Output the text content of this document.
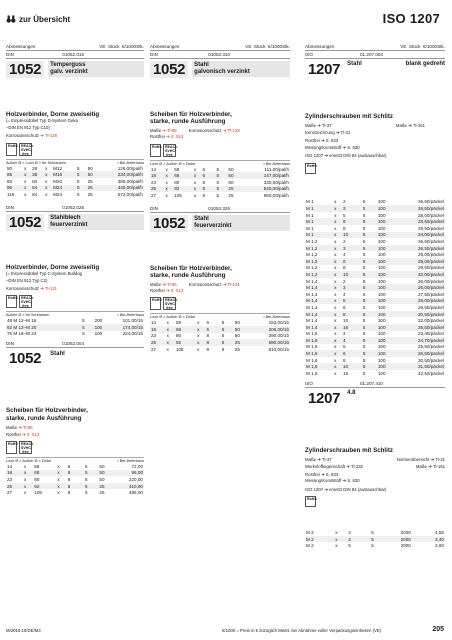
zur Übersicht	ISO 1207
Abmessungen	VE Stück €/1000Stk.
DIN	01052.016
1052	Temperguss
galv. verzinkt
Holzverbinder, Dorne zweiseitig
(= Einpressdübel Typ D-System Geka
–DIN EN 912 Typ C10)
Korrosionsschutz ➔ Tl-128
RoHS REACh
SVHC
free
Außen Ø × Loch Ø × für Schrauben	• Bei-/lieferhaus
50	x	29	x	M12	5	50	126,00/pal/h
65	x	35	x	M16	5	50	234,00/pal/h
80	x	50	x	M20	5	25	385,00/pal/h
95	x	64	x	M24	5	25	445,00/pal/h
115	x	84	x	M24	5	25	572,00/pal/h
DIN	01052.025
1052	Stahlblech
feuerverzinkt
Holzverbinder, Dorne zweiseitig
(= Einpressdübel Typ C-System Bulldog
–DIN EN 912 Typ C2)
Korrosionsschutz ➔ Tl-131
RoHS REACh
SVHC
free
Außen Ø × für Schrauben	• Bei-/lieferhaus
48 M 12–M 16					5	200	101,00/1b
62 M 12–M 20					5	100	174,00/1b
75 M 16–M 24					5	100	224,00/1b
DIN	01052.004
1052	Stahl
Scheiben für Holzverbinder,
starke, runde Ausführung
Maße ➔ Tl-85
Rostfrei ➔ S. 513
RoHS REACh
SVHC
free
Loch Ø × Außen Ø × Dicke	• Bei-/lieferhaus
14	x	58	x	6	5	50	72,00
18	x	68	x	6	5	50	96,00
23	x	80	x	8	5	50	220,00
25	x	92	x	8	5	25	410,00
27	x	105	x	8	5	25	485,00
Abmessungen	VE Stück €/1000Stk.
DIN	01052.310
1052	Stahl
galvonisch verzinkt
Scheiben für Holzverbinder,
starke, runde Ausführung
Maße ➔ Tl-85	Korrosionsschutz ➔ Tl-128
Rostfrei ➔ S. 513
RoHS REACh
SVHC
free
Loch Ø × Außen Ø × Dicke	• Bei-/lieferhaus
14	x	58	x	6	5	50	111,00/pal/h
18	x	68	x	6	5	50	147,00/pal/h
23	x	80	x	8	5	50	330,00/pal/h
25	x	92	x	8	5	25	540,00/pal/h
27	x	105	x	8	5	25	650,00/pal/h
DIN	01052.326
1052	Stahl
feuerverzinkt
Scheiben für Holzverbinder,
starke, runde Ausführung
Maße ➔ Tl-85	Korrosionsschutz ➔ Tl-131
Rostfrei ➔ S. 513
RoHS REACh
SVHC
free
Loch Ø × Außen Ø × Dicke	• Bei-/lieferhaus
14	x	58	x	6	5	50	153,00/1b
18	x	68	x	6	5	50	206,00/1b
23	x	80	x	8	5	50	390,00/1b
25	x	92	x	8	5	25	590,00/1b
27	x	105	x	8	5	25	810,00/1b
Abmessungen	VE Stück €/1000Stk.
ISO	01.207.004
1207	Stahl	blank gedreht
Zylinderschrauben mit Schlitz
Maße ➔ Tl-37	Maße ➔ Tl-161
Kennzeichnung ➔ Tl-31
Rostfrei ➔ S. 533
Messing/Kunststoff ➔ S. 630
ISO 1207 ➔ ersetzt DIN 84 (austauschbar)
RoHS
M 1	x	2	5	100	26,50/päckel
M 1	x	3	5	100	26,50/päckel
M 1	x	5	5	100	28,00/päckel
M 1	x	6	5	100	28,50/päckel
M 1	x	8	5	100	29,50/päckel
M 1	x	10	5	100	34,00/päckel
M 1,2	x	2	5	100	26,50/päckel
M 1,2	x	3	5	100	26,50/päckel
M 1,2	x	4	5	100	29,00/päckel
M 1,2	x	6	5	100	29,00/päckel
M 1,2	x	8	5	100	29,50/päckel
M 1,2	x	10	5	100	32,00/päckel
M 1,4	x	2	5	100	26,00/päckel
M 1,4	x	3	5	100	26,00/päckel
M 1,4	x	4	5	100	27,50/päckel
M 1,4	x	5	5	100	28,00/päckel
M 1,4	x	6	5	100	29,50/päckel
M 1,4	x	8	5	100	30,50/päckel
M 1,4	x	10	5	100	32,00/päckel
M 1,4	x	16	5	100	39,50/päckel
M 1,6	x	3	5	100	23,40/päckel
M 1,6	x	4	5	100	24,70/päckel
M 1,6	x	5	5	100	25,50/päckel
M 1,6	x	6	5	100	26,50/päckel
M 1,6	x	8	5	100	30,50/päckel
M 1,6	x	10	5	100	31,50/päckel
M 1,6	x	16	5	100	42,50/päckel
ISO	01.207.410
1207	4.8
Zylinderschrauben mit Schlitz
Maße ➔ Tl-37	Normenübersicht ➔ Tl-31
Werkstoffeigenschaft ➔ Tl-232	Maße ➔ Tl-161
Rostfrei ➔ S. 533
Messing/Kunststoff ➔ S. 630
ISO 1207 ➔ ersetzt DIN 84 (austauschbar)
RoHS
M 2	x	3	5	2000	4,55
M 2	x	4	5	2000	3,40
M 2	x	5	5	2000	3,60
M/2019.10/DE/M3	€/1000 = Preis in € zuzüglich MwSt. bei Abnahme voller Verpackungseinheiten (VE)	205
